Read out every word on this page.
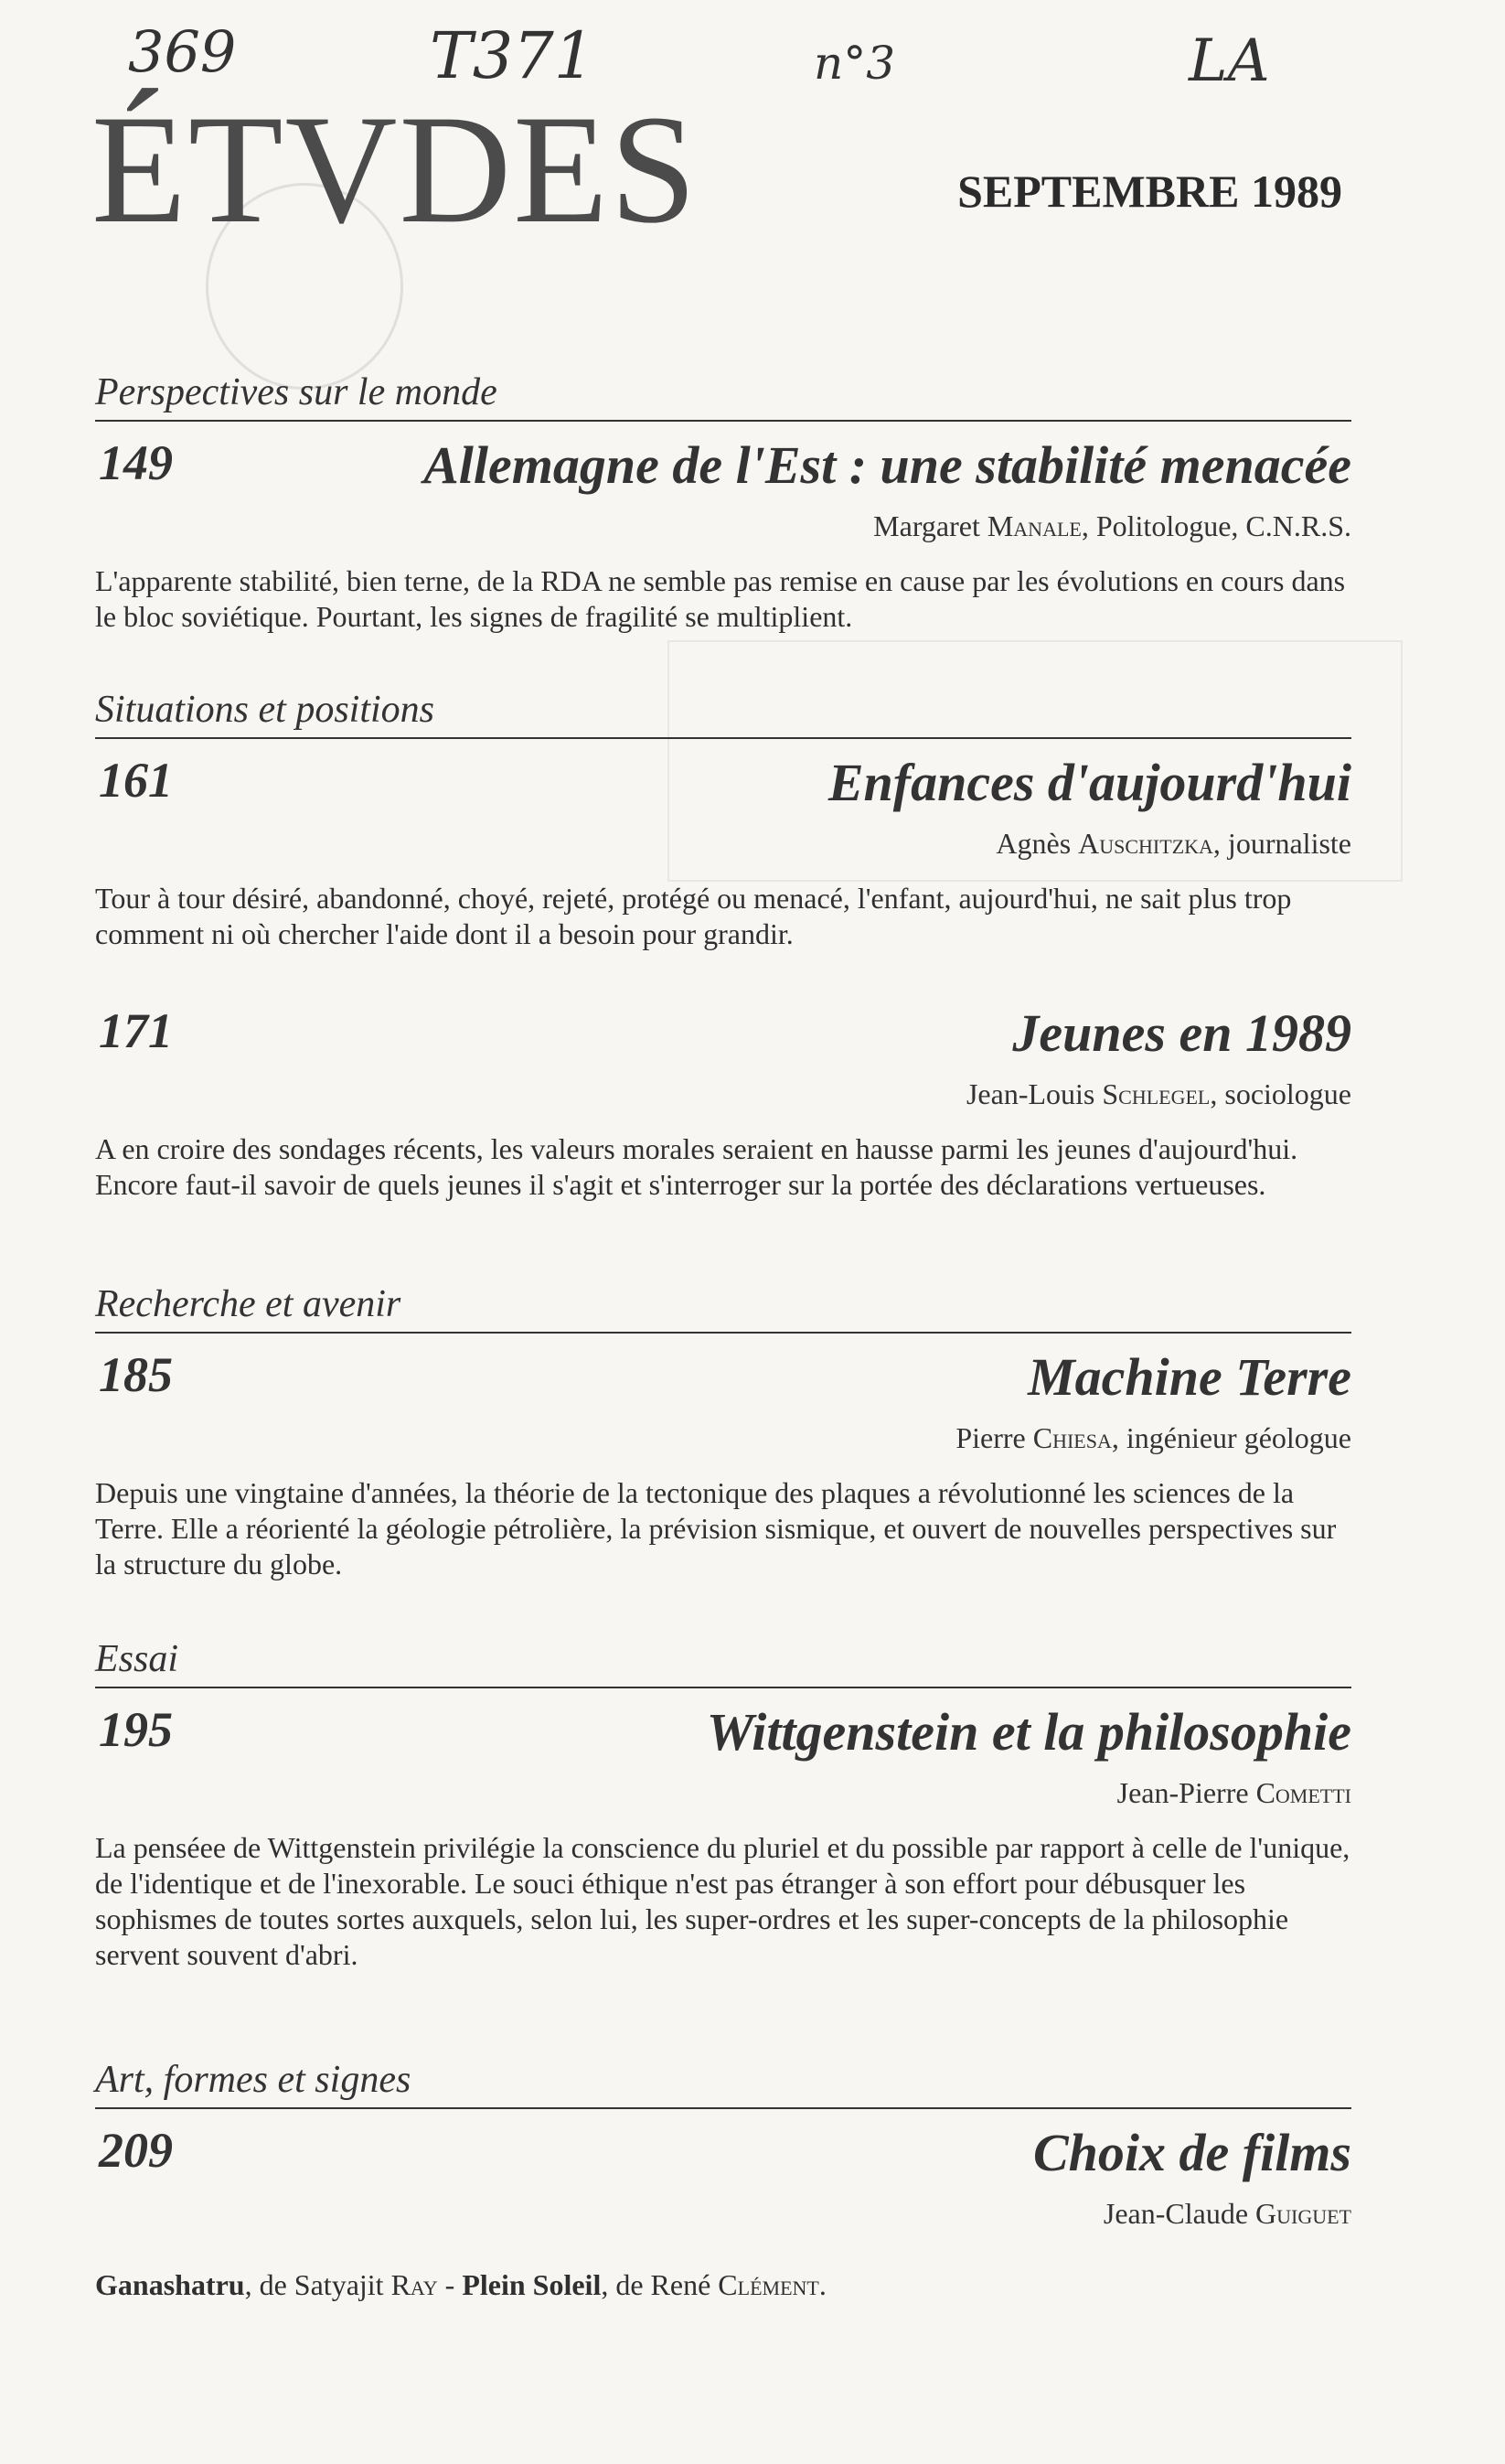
369	T371	n°3	LA
ÉTVDES	SEPTEMBRE 1989
Perspectives sur le monde
149	Allemagne de l'Est : une stabilité menacée
Margaret Manale, Politologue, C.N.R.S.
L'apparente stabilité, bien terne, de la RDA ne semble pas remise en cause par les évolutions en cours dans le bloc soviétique. Pourtant, les signes de fragilité se multiplient.
Situations et positions
161	Enfances d'aujourd'hui
Agnès Auschitzka, journaliste
Tour à tour désiré, abandonné, choyé, rejeté, protégé ou menacé, l'enfant, aujourd'hui, ne sait plus trop comment ni où chercher l'aide dont il a besoin pour grandir.
171	Jeunes en 1989
Jean-Louis Schlegel, sociologue
A en croire des sondages récents, les valeurs morales seraient en hausse parmi les jeunes d'aujourd'hui. Encore faut-il savoir de quels jeunes il s'agit et s'interroger sur la portée des déclarations vertueuses.
Recherche et avenir
185	Machine Terre
Pierre Chiesa, ingénieur géologue
Depuis une vingtaine d'années, la théorie de la tectonique des plaques a révolutionné les sciences de la Terre. Elle a réorienté la géologie pétrolière, la prévision sismique, et ouvert de nouvelles perspectives sur la structure du globe.
Essai
195	Wittgenstein et la philosophie
Jean-Pierre Cometti
La penséee de Wittgenstein privilégie la conscience du pluriel et du possible par rapport à celle de l'unique, de l'identique et de l'inexorable. Le souci éthique n'est pas étranger à son effort pour débusquer les sophismes de toutes sortes auxquels, selon lui, les super-ordres et les super-concepts de la philosophie servent souvent d'abri.
Art, formes et signes
209	Choix de films
Jean-Claude Guiguet
Ganashatru, de Satyajit Ray - Plein Soleil, de René Clément.
